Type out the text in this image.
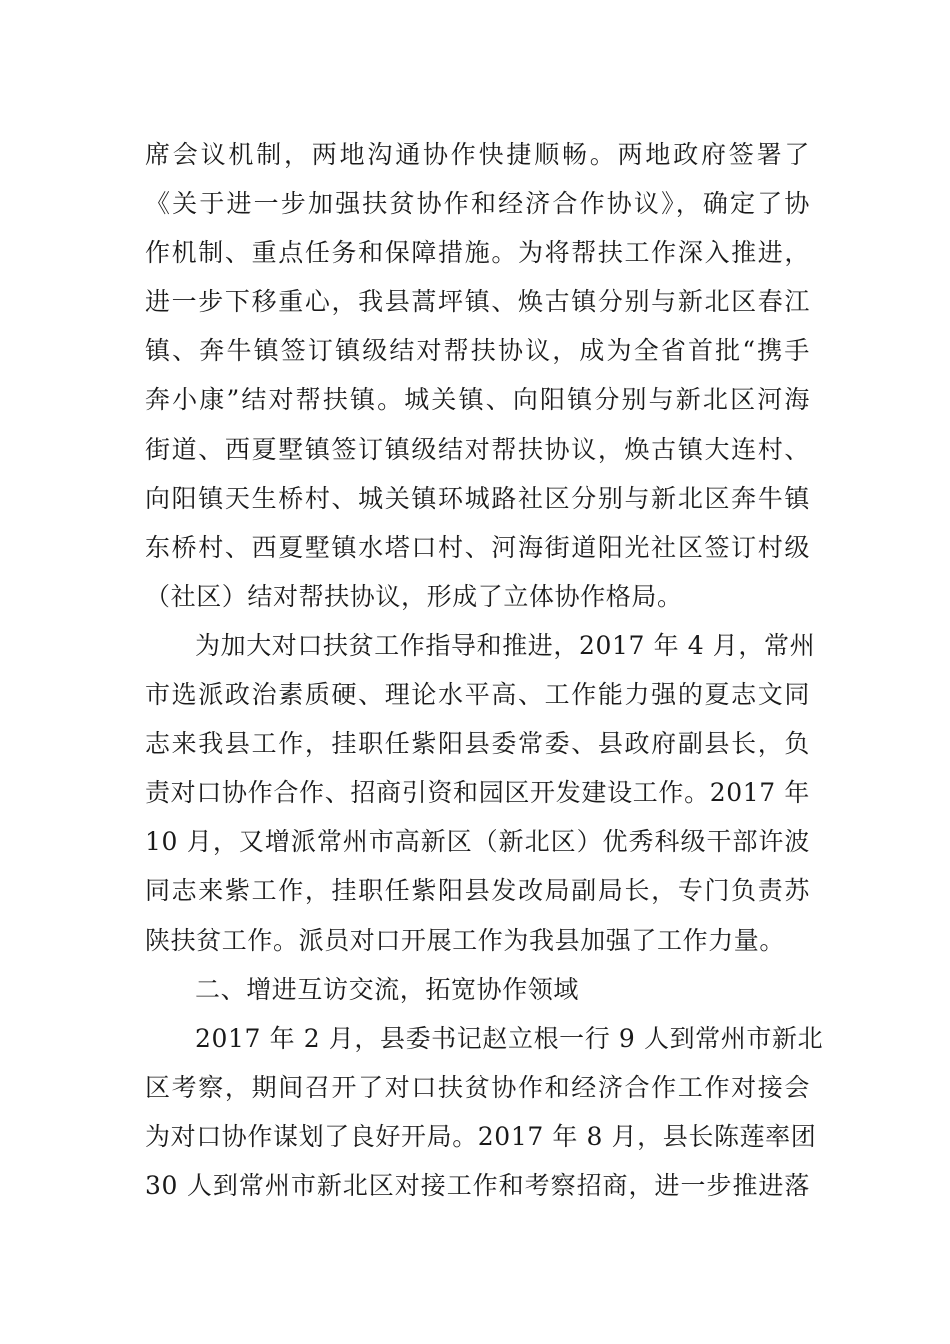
席会议机制，两地沟通协作快捷顺畅。两地政府签署了
《关于进一步加强扶贫协作和经济合作协议》，确定了协
作机制、重点任务和保障措施。为将帮扶工作深入推进，
进一步下移重心，我县蒿坪镇、焕古镇分别与新北区春江
镇、奔牛镇签订镇级结对帮扶协议，成为全省首批“携手
奔小康”结对帮扶镇。城关镇、向阳镇分别与新北区河海
街道、西夏墅镇签订镇级结对帮扶协议，焕古镇大连村、
向阳镇天生桥村、城关镇环城路社区分别与新北区奔牛镇
东桥村、西夏墅镇水塔口村、河海街道阳光社区签订村级
（社区）结对帮扶协议，形成了立体协作格局。
为加大对口扶贫工作指导和推进，2017 年 4 月，常州
市选派政治素质硬、理论水平高、工作能力强的夏志文同
志来我县工作，挂职任紫阳县委常委、县政府副县长，负
责对口协作合作、招商引资和园区开发建设工作。2017 年
10 月，又增派常州市高新区（新北区）优秀科级干部许波
同志来紫工作，挂职任紫阳县发改局副局长，专门负责苏
陕扶贫工作。派员对口开展工作为我县加强了工作力量。
二、增进互访交流，拓宽协作领域
2017 年 2 月，县委书记赵立根一行 9 人到常州市新北
区考察，期间召开了对口扶贫协作和经济合作工作对接会
为对口协作谋划了良好开局。2017 年 8 月，县长陈莲率团
30 人到常州市新北区对接工作和考察招商，进一步推进落
